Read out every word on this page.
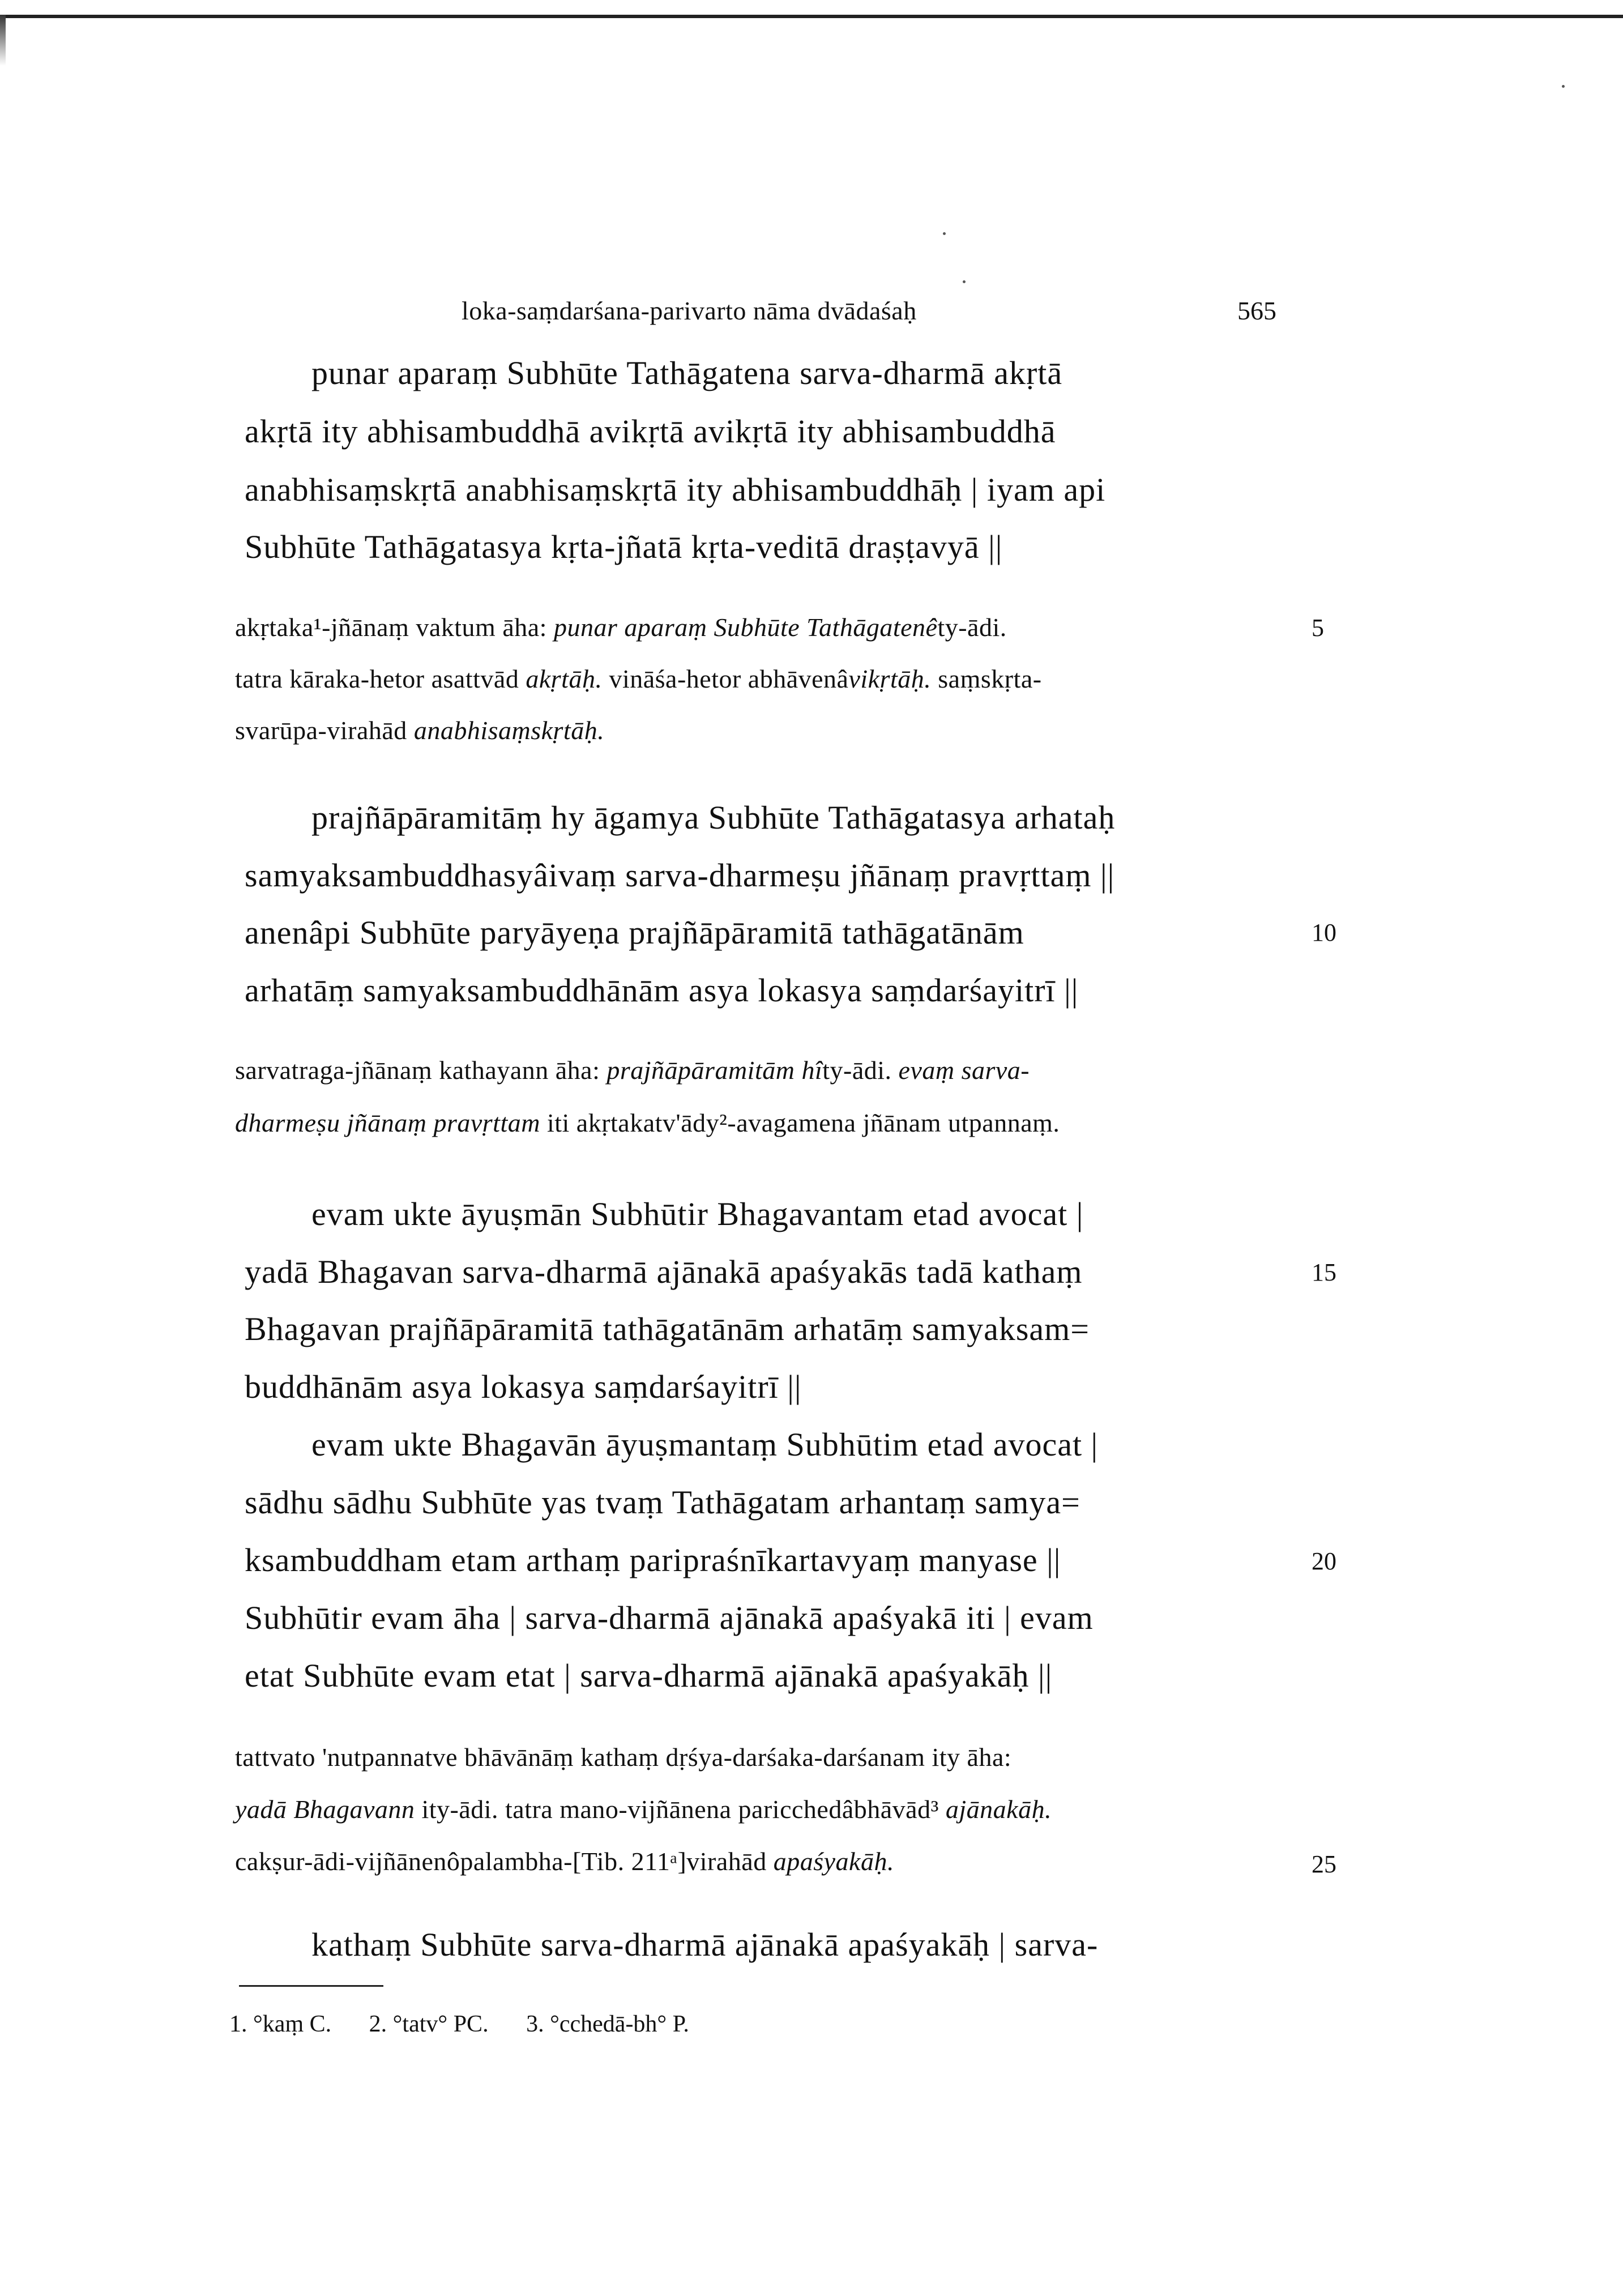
loka-saṃdarśana-parivarto nāma dvādaśaḥ	565
punar aparaṃ Subhūte Tathāgatena sarva-dharmā akṛtā
akṛtā ity abhisambuddhā avikṛtā avikṛtā ity abhisambuddhā
anabhisaṃskṛtā anabhisaṃskṛtā ity abhisambuddhāḥ | iyam api
Subhūte Tathāgatasya kṛta-jñatā kṛta-veditā draṣṭavyā ||
akṛtaka¹-jñānaṃ vaktum āha: punar aparaṃ Subhūte Tathāgatenêty-ādi.
tatra kāraka-hetor asattvād akṛtāḥ. vināśa-hetor abhāvenâvikṛtāḥ. saṃskṛta-
svarūpa-virahād anabhisaṃskṛtāḥ.
prajñāpāramitāṃ hy āgamya Subhūte Tathāgatasya arhataḥ
samyaksambuddhasyâivaṃ sarva-dharmeṣu jñānaṃ pravṛttaṃ ||
anenâpi Subhūte paryāyeṇa prajñāpāramitā tathāgatānām
arhatāṃ samyaksambuddhānām asya lokasya saṃdarśayitrī ||
sarvatraga-jñānaṃ kathayann āha: prajñāpāramitām hîty-ādi. evaṃ sarva-
dharmeṣu jñānaṃ pravṛttam iti akṛtakatv'ādy²-avagamena jñānam utpannaṃ.
evam ukte āyuṣmān Subhūtir Bhagavantam etad avocat |
yadā Bhagavan sarva-dharmā ajānakā apaśyakās tadā kathaṃ
Bhagavan prajñāpāramitā tathāgatānām arhatāṃ samyaksam=
buddhānām asya lokasya saṃdarśayitrī ||
evam ukte Bhagavān āyuṣmantaṃ Subhūtim etad avocat |
sādhu sādhu Subhūte yas tvaṃ Tathāgatam arhantaṃ samya=
ksambuddham etam arthaṃ paripraśnīkartavyaṃ manyase ||
Subhūtir evam āha | sarva-dharmā ajānakā apaśyakā iti | evam
etat Subhūte evam etat | sarva-dharmā ajānakā apaśyakāḥ ||
tattvato 'nutpannatve bhāvānāṃ kathaṃ dṛśya-darśaka-darśanam ity āha:
yadā Bhagavann ity-ādi. tatra mano-vijñānena paricchedâbhāvād³ ajānakāḥ.
cakṣur-ādi-vijñānenôpalambha-[Tib. 211ᵃ]virahād apaśyakāḥ.
kathaṃ Subhūte sarva-dharmā ajānakā apaśyakāḥ | sarva-
5
10
15
20
25
1. °kaṃ C. 2. °tatv° PC. 3. °cchedā-bh° P.
